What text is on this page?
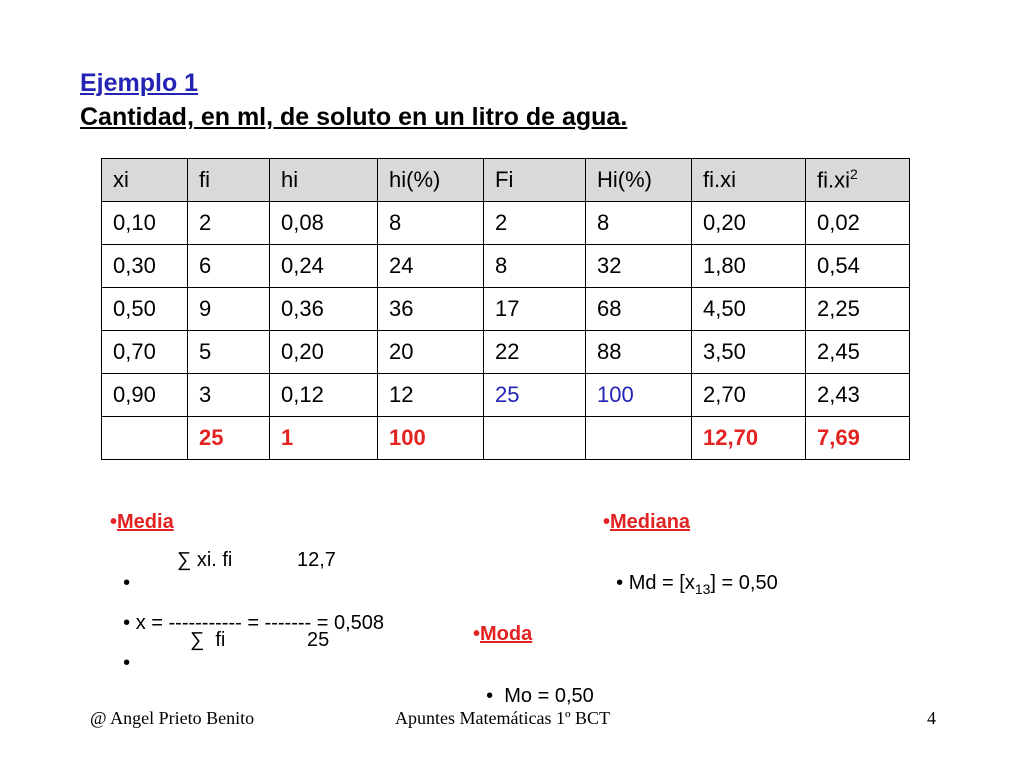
Ejemplo 1
Cantidad, en ml, de soluto en un litro de agua.
xi	fi	hi	hi(%)	Fi	Hi(%)	fi.xi	$fi.xi^2$
0,10	2	0,08	8	2	8	0,20	0,02
0,30	6	0,24	24	8	32	1,80	0,54
0,50	9	0,36	36	17	68	4,50	2,25
0,70	5	0,20	20	22	88	3,50	2,45
0,90	3	0,12	12	25	100	2,70	2,43
	25	1	100			12,70	7,69
•Media

•

∑ xi. fi	12,7

• x = ----------- = ------- = 0,508

•

∑  fi	25
•Mediana

• $Md = [x_{13}] = 0,50$

•Moda

• Mo = 0,50

@ Angel Prieto Benito	Apuntes Matemáticas 1º BCT	4
